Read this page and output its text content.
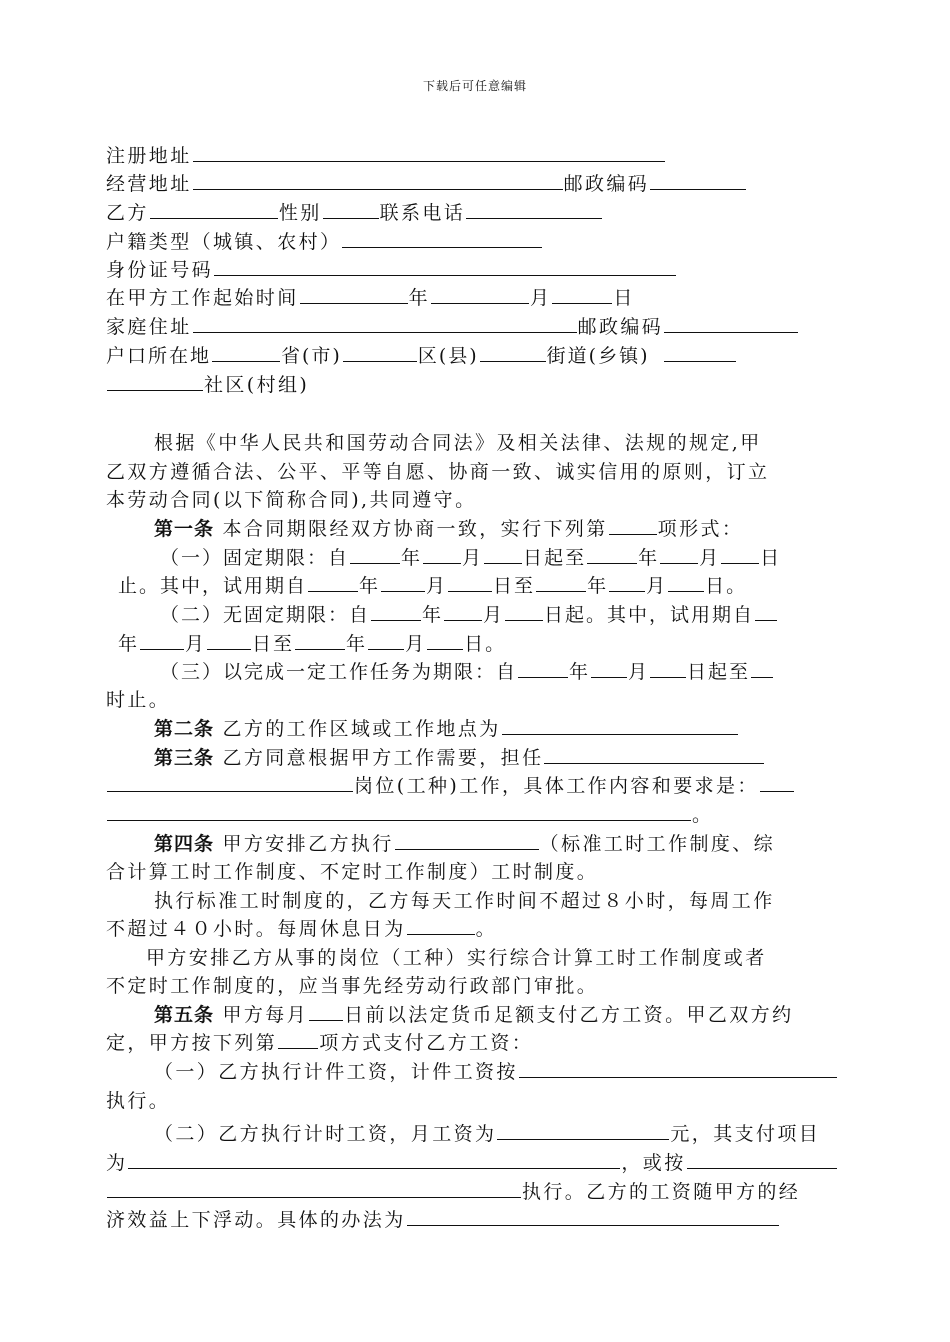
下载后可任意编辑
注册地址
经营地址	邮政编码
乙方	性别	联系电话
户籍类型（城镇、农村）
身份证号码
在甲方工作起始时间	年	月	日
家庭住址	邮政编码
户口所在地	省(市)	区(县)	街道(乡镇)
社区(村组)
根据《中华人民共和国劳动合同法》及相关法律、法规的规定,甲
乙双方遵循合法、公平、平等自愿、协商一致、诚实信用的原则，订立
本劳动合同(以下简称合同),共同遵守。
第一条 本合同期限经双方协商一致，实行下列第	项形式：
（一）固定期限：自	年 月 日起至	年 月 日
止。其中，试用期自	年 月 日至	年 月 日。
（二）无固定期限：自	年 月 日起。其中，试用期自
年 月 日至	年 月 日。
（三）以完成一定工作任务为期限：自	年 月 日起至
时止。
第二条 乙方的工作区域或工作地点为
第三条 乙方同意根据甲方工作需要，担任
岗位(工种)工作，具体工作内容和要求是：
。
第四条 甲方安排乙方执行	（标准工时工作制度、综
合计算工时工作制度、不定时工作制度）工时制度。
执行标准工时制度的，乙方每天工作时间不超过８小时，每周工作
不超过４０小时。每周休息日为	。
甲方安排乙方从事的岗位（工种）实行综合计算工时工作制度或者
不定时工作制度的，应当事先经劳动行政部门审批。
第五条 甲方每月 日前以法定货币足额支付乙方工资。甲乙双方约
定，甲方按下列第 项方式支付乙方工资：
（一）乙方执行计件工资，计件工资按
执行。
（二）乙方执行计时工资，月工资为	元，其支付项目
为	，或按
执行。乙方的工资随甲方的经
济效益上下浮动。具体的办法为
